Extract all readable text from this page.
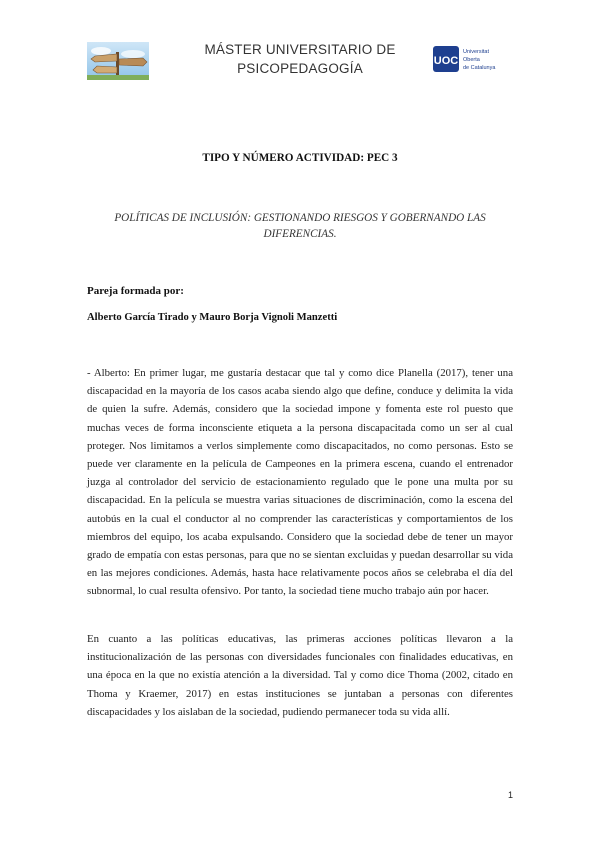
MÁSTER UNIVERSITARIO DE
PSICOPEDAGOGÍA	UOC
Universitat
Oberta
de Catalunya
TIPO Y NÚMERO ACTIVIDAD: PEC 3
POLÍTICAS DE INCLUSIÓN: GESTIONANDO RIESGOS Y GOBERNANDO LAS DIFERENCIAS.
Pareja formada por:
Alberto García Tirado y Mauro Borja Vignoli Manzetti

- Alberto: En primer lugar, me gustaría destacar que tal y como dice Planella (2017), tener una discapacidad en la mayoría de los casos acaba siendo algo que define, conduce y delimita la vida de quien la sufre. Además, considero que la sociedad impone y fomenta este rol puesto que muchas veces de forma inconsciente etiqueta a la persona discapacitada como un ser al cual proteger. Nos limitamos a verlos simplemente como discapacitados, no como personas. Esto se puede ver claramente en la película de Campeones en la primera escena, cuando el entrenador juzga al controlador del servicio de estacionamiento regulado que le pone una multa por su discapacidad. En la película se muestra varias situaciones de discriminación, como la escena del autobús en la cual el conductor al no comprender las características y comportamientos de los miembros del equipo, los acaba expulsando. Considero que la sociedad debe de tener un mayor grado de empatía con estas personas, para que no se sientan excluidas y puedan desarrollar su vida en las mejores condiciones. Además, hasta hace relativamente pocos años se celebraba el día del subnormal, lo cual resulta ofensivo. Por tanto, la sociedad tiene mucho trabajo aún por hacer.

En cuanto a las políticas educativas, las primeras acciones políticas llevaron a la institucionalización de las personas con diversidades funcionales con finalidades educativas, en una época en la que no existía atención a la diversidad. Tal y como dice Thoma (2002, citado en Thoma y Kraemer, 2017) en estas instituciones se juntaban a personas con diferentes discapacidades y los aislaban de la sociedad, pudiendo permanecer toda su vida allí.

1
